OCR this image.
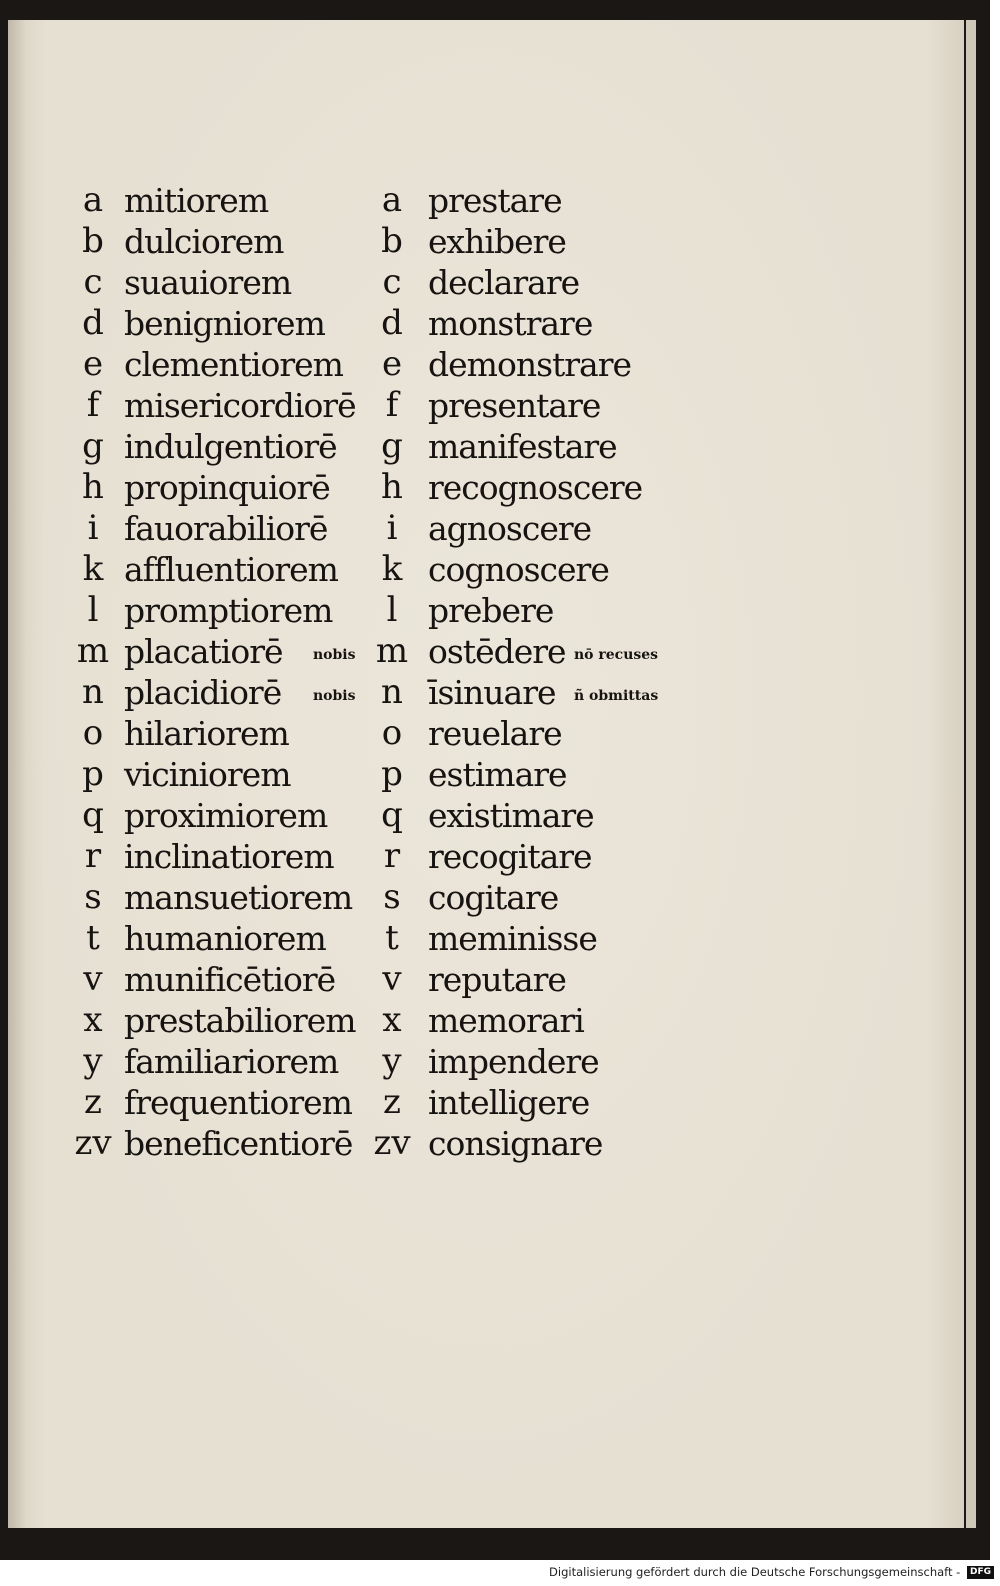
a mitiorem	a prestare
b dulciorem	b exhibere
c suauiorem	c declarare
d benigniorem d monstrare
e clementiorem e demonstrare
f misericordiorē f presentare
g indulgentiorē g manifestare
h propinquiorē h recognoscere
i fauorabiliorē	i agnoscere
k affluentiorem k cognoscere
l promptiorem	l prebere
m placatiorē nobis m ostēdere nō recuses
n placidiorē nobis n īsinuare ñ obmittas
o hilariorem	o reuelare
p viciniorem	p estimare
q proximiorem q existimare
r inclinatiorem	r recogitare
s mansuetiorem s cogitare
t humaniorem	t meminisse
v munificētiorē	v reputare
x prestabiliorem x memorari
y familiariorem	y impendere
z frequentiorem z intelligere
zv beneficentiorē zv consignare
Digitalisierung gefördert durch die Deutsche Forschungsgemeinschaft - DFG
